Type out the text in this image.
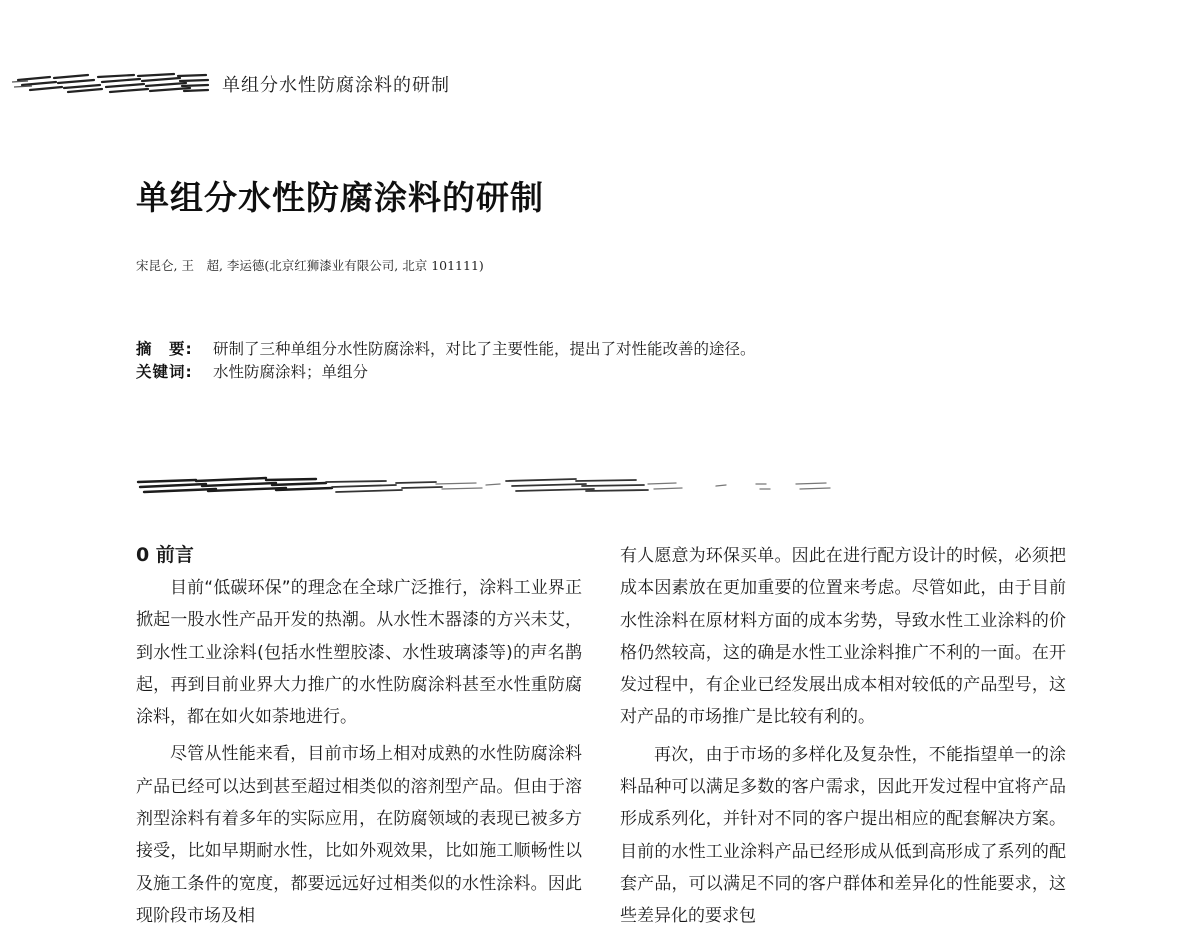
单组分水性防腐涂料的研制
单组分水性防腐涂料的研制
宋昆仑, 王　超, 李运德(北京红狮漆业有限公司, 北京 101111)
摘　要: 研制了三种单组分水性防腐涂料，对比了主要性能，提出了对性能改善的途径。
关键词: 水性防腐涂料；单组分
0 前言

目前“低碳环保”的理念在全球广泛推行，涂料工业界正掀起一股水性产品开发的热潮。从水性木器漆的方兴未艾，到水性工业涂料(包括水性塑胶漆、水性玻璃漆等)的声名鹊起，再到目前业界大力推广的水性防腐涂料甚至水性重防腐涂料，都在如火如荼地进行。

尽管从性能来看，目前市场上相对成熟的水性防腐涂料产品已经可以达到甚至超过相类似的溶剂型产品。但由于溶剂型涂料有着多年的实际应用，在防腐领域的表现已被多方接受，比如早期耐水性，比如外观效果，比如施工顺畅性以及施工条件的宽度，都要远远好过相类似的水性涂料。因此现阶段市场及相

有人愿意为环保买单。因此在进行配方设计的时候，必须把成本因素放在更加重要的位置来考虑。尽管如此，由于目前水性涂料在原材料方面的成本劣势，导致水性工业涂料的价格仍然较高，这的确是水性工业涂料推广不利的一面。在开发过程中，有企业已经发展出成本相对较低的产品型号，这对产品的市场推广是比较有利的。

再次，由于市场的多样化及复杂性，不能指望单一的涂料品种可以满足多数的客户需求，因此开发过程中宜将产品形成系列化，并针对不同的客户提出相应的配套解决方案。目前的水性工业涂料产品已经形成从低到高形成了系列的配套产品，可以满足不同的客户群体和差异化的性能要求，这些差异化的要求包
